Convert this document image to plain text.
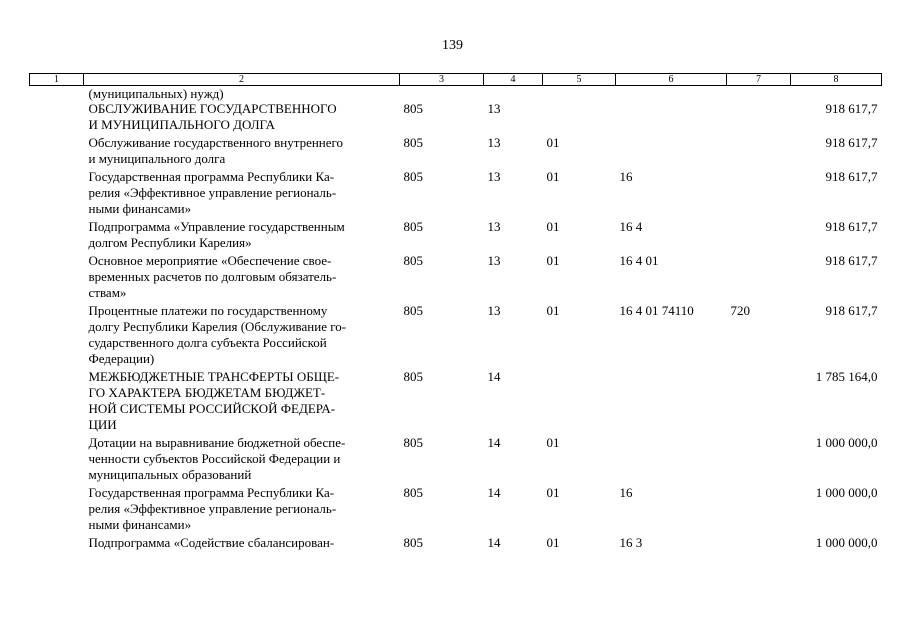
139
1	2	3	4	5	6	7	8

	(муниципальных) нужд)						

	ОБСЛУЖИВАНИЕ ГОСУДАРСТВЕННОГО
И МУНИЦИПАЛЬНОГО ДОЛГА	805	13				918 617,7

	Обслуживание государственного внутреннего
и муниципального долга	805	13	01			918 617,7

	Государственная программа Республики Ка-
релия «Эффективное управление региональ-
ными финансами»	805	13	01	16		918 617,7

	Подпрограмма «Управление государственным
долгом Республики Карелия»	805	13	01	16 4		918 617,7

	Основное мероприятие «Обеспечение свое-
временных расчетов по долговым обязатель-
ствам»	805	13	01	16 4 01		918 617,7

	Процентные платежи по государственному
долгу Республики Карелия (Обслуживание го-
сударственного долга субъекта Российской
Федерации)	805	13	01	16 4 01 74110	720	918 617,7

	МЕЖБЮДЖЕТНЫЕ ТРАНСФЕРТЫ ОБЩЕ-
ГО ХАРАКТЕРА БЮДЖЕТАМ БЮДЖЕТ-
НОЙ СИСТЕМЫ РОССИЙСКОЙ ФЕДЕРА-
ЦИИ	805	14				1 785 164,0

	Дотации на выравнивание бюджетной обеспе-
ченности субъектов Российской Федерации и
муниципальных образований	805	14	01			1 000 000,0

	Государственная программа Республики Ка-
релия «Эффективное управление региональ-
ными финансами»	805	14	01	16		1 000 000,0

	Подпрограмма «Содействие сбалансирован-	805	14	01	16 3		1 000 000,0
